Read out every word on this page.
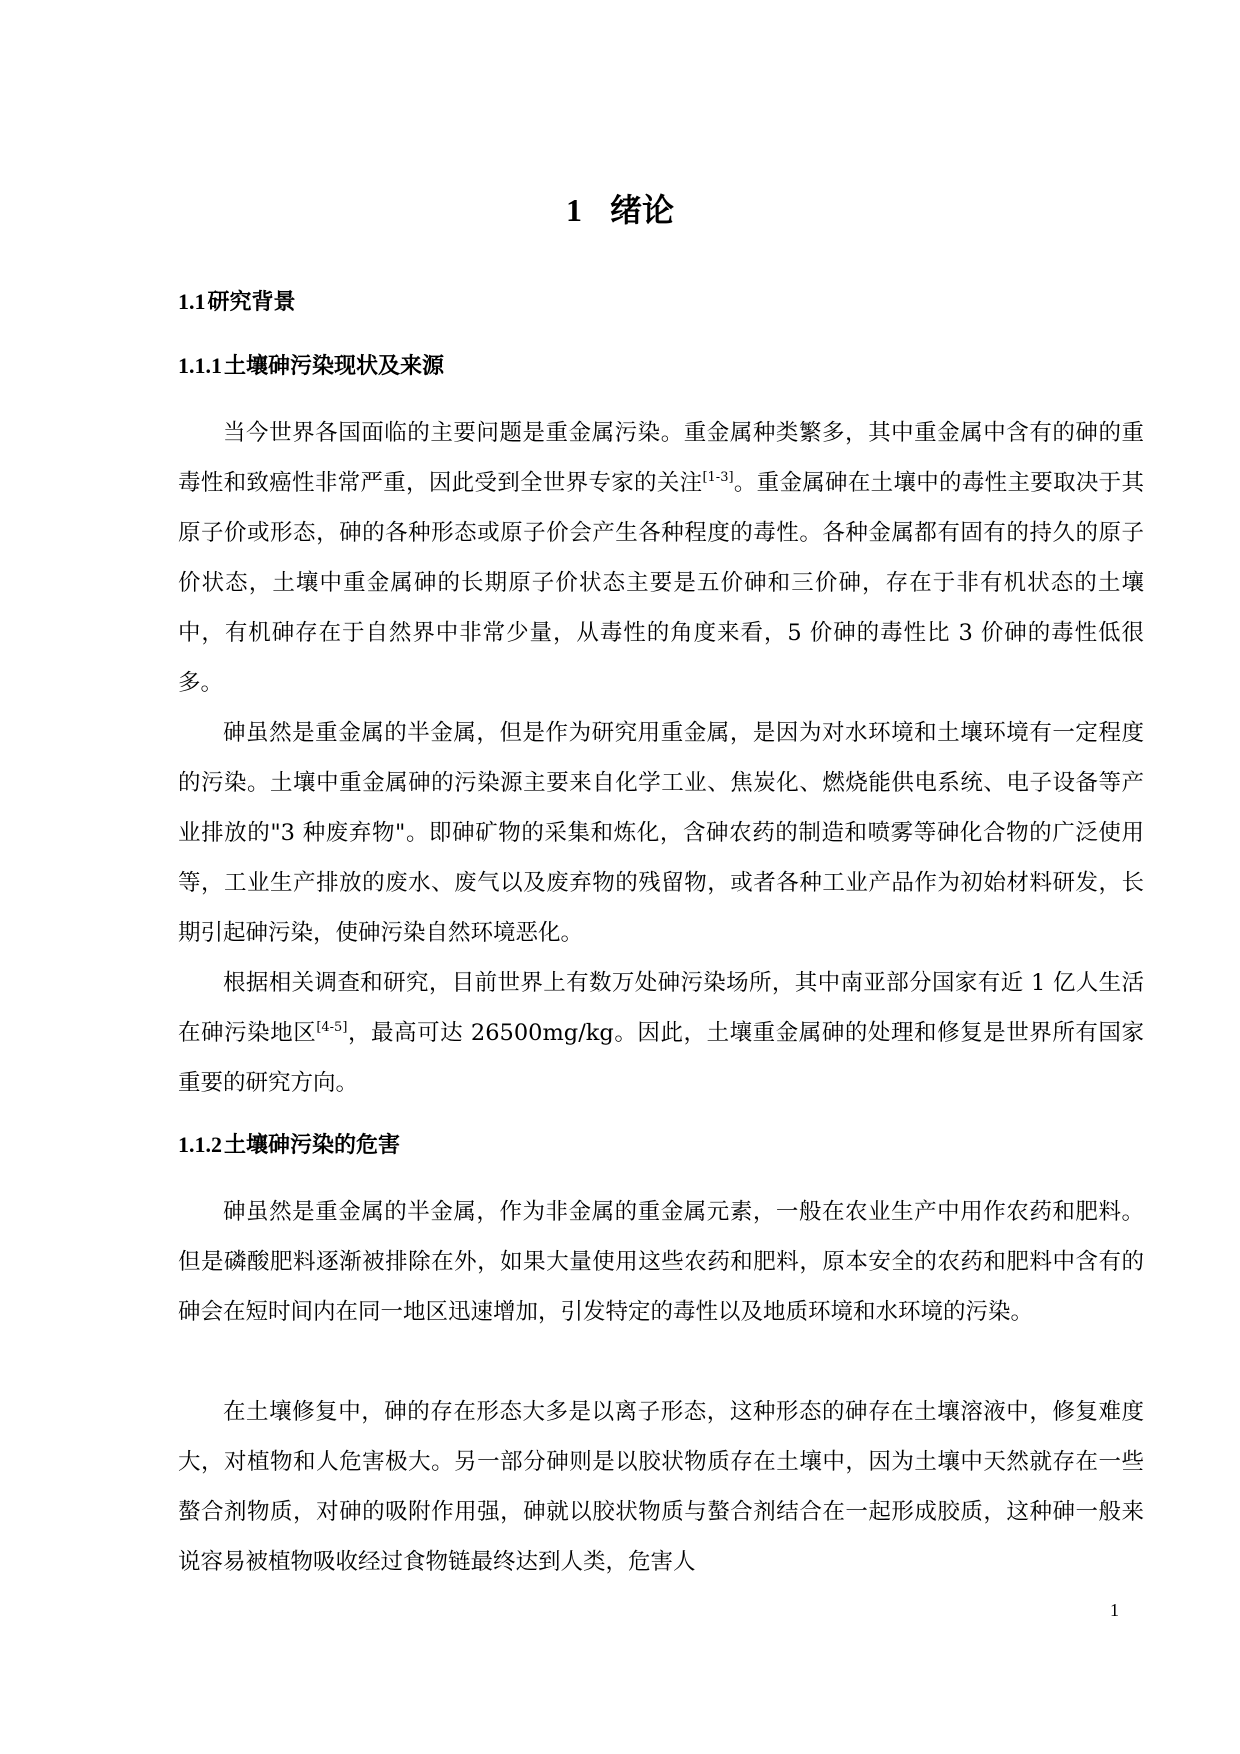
1 绪论
1.1研究背景
1.1.1土壤砷污染现状及来源

当今世界各国面临的主要问题是重金属污染。重金属种类繁多，其中重金属中含有的砷的重毒性和致癌性非常严重，因此受到全世界专家的关注[1-3]。重金属砷在土壤中的毒性主要取决于其原子价或形态，砷的各种形态或原子价会产生各种程度的毒性。各种金属都有固有的持久的原子价状态，土壤中重金属砷的长期原子价状态主要是五价砷和三价砷，存在于非有机状态的土壤中，有机砷存在于自然界中非常少量，从毒性的角度来看，5 价砷的毒性比 3 价砷的毒性低很多。

砷虽然是重金属的半金属，但是作为研究用重金属，是因为对水环境和土壤环境有一定程度的污染。土壤中重金属砷的污染源主要来自化学工业、焦炭化、燃烧能供电系统、电子设备等产业排放的"3 种废弃物"。即砷矿物的采集和炼化，含砷农药的制造和喷雾等砷化合物的广泛使用等，工业生产排放的废水、废气以及废弃物的残留物，或者各种工业产品作为初始材料研发，长期引起砷污染，使砷污染自然环境恶化。

根据相关调查和研究，目前世界上有数万处砷污染场所，其中南亚部分国家有近 1 亿人生活在砷污染地区[4-5]，最高可达 26500mg/kg。因此，土壤重金属砷的处理和修复是世界所有国家重要的研究方向。

1.1.2土壤砷污染的危害

砷虽然是重金属的半金属，作为非金属的重金属元素，一般在农业生产中用作农药和肥料。但是磷酸肥料逐渐被排除在外，如果大量使用这些农药和肥料，原本安全的农药和肥料中含有的砷会在短时间内在同一地区迅速增加，引发特定的毒性以及地质环境和水环境的污染。

在土壤修复中，砷的存在形态大多是以离子形态，这种形态的砷存在土壤溶液中，修复难度大，对植物和人危害极大。另一部分砷则是以胶状物质存在土壤中，因为土壤中天然就存在一些螯合剂物质，对砷的吸附作用强，砷就以胶状物质与螯合剂结合在一起形成胶质，这种砷一般来说容易被植物吸收经过食物链最终达到人类，危害人

1
